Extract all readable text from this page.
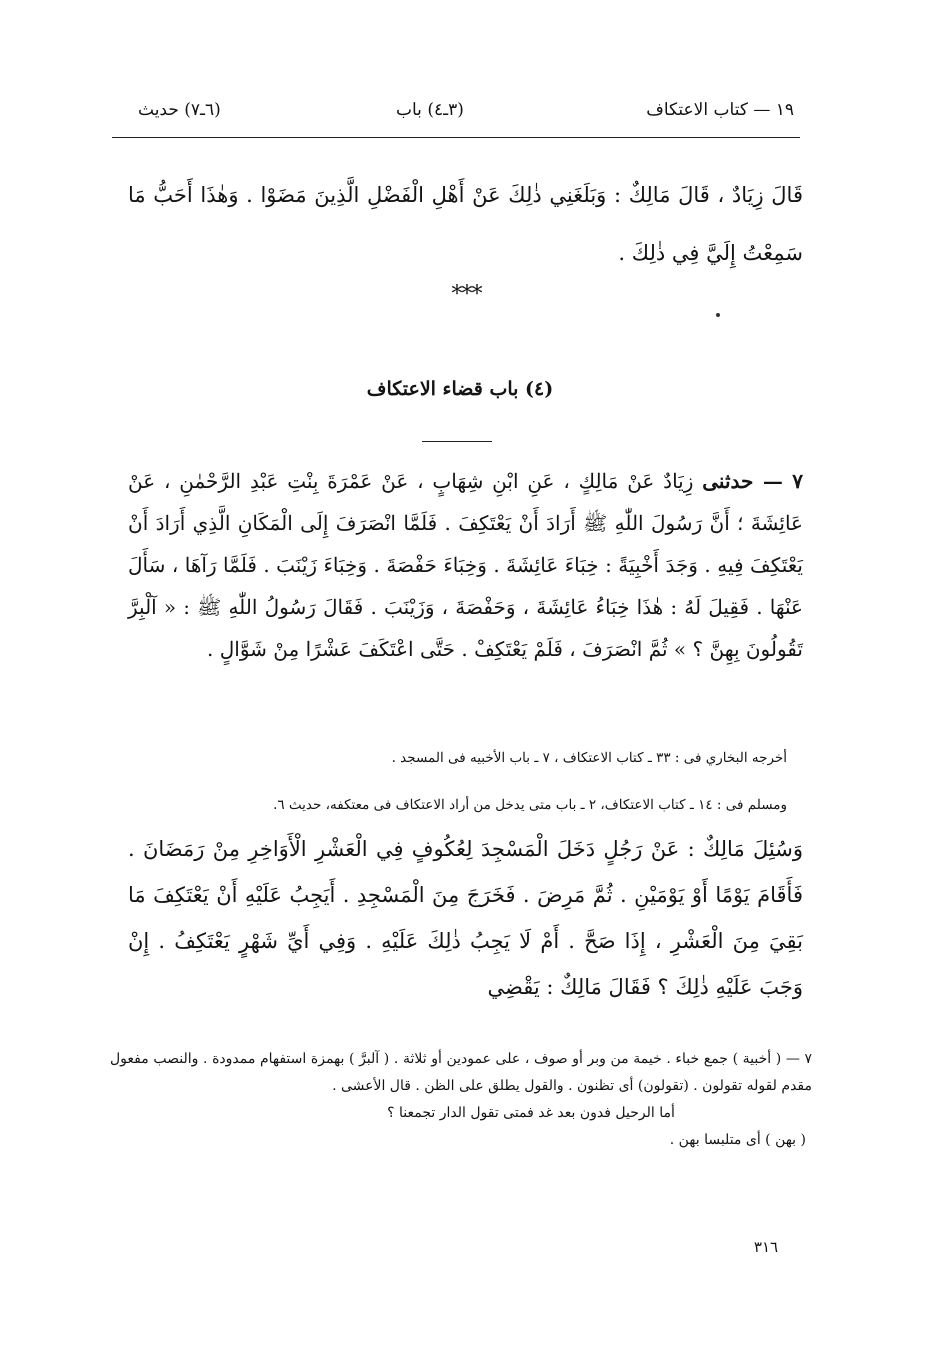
١٩ — كتاب الاعتكاف
(٣ـ٤) باب
(٦ـ٧) حديث

قَالَ زِيَادٌ ، قَالَ مَالِكٌ : وَبَلَغَنِي ذٰلِكَ عَنْ أَهْلِ الْفَضْلِ الَّذِينَ مَضَوْا . وَهٰذَا أَحَبُّ مَا سَمِعْتُ إِلَيَّ فِي ذٰلِكَ .

* * *
(٤) باب قضاء الاعتكاف

٧ — حدثنى زِيَادٌ عَنْ مَالِكٍ ، عَنِ ابْنِ شِهَابٍ ، عَنْ عَمْرَةَ بِنْتِ عَبْدِ الرَّحْمٰنِ ، عَنْ عَائِشَةَ ؛ أَنَّ رَسُولَ اللّٰهِ ﷺ أَرَادَ أَنْ يَعْتَكِفَ . فَلَمَّا انْصَرَفَ إِلَى الْمَكَانِ الَّذِي أَرَادَ أَنْ يَعْتَكِفَ فِيهِ . وَجَدَ أَخْبِيَةً : خِبَاءَ عَائِشَةَ . وَخِبَاءَ حَفْصَةَ . وَخِبَاءَ زَيْنَبَ . فَلَمَّا رَآهَا ، سَأَلَ عَنْهَا . فَقِيلَ لَهُ : هٰذَا خِبَاءُ عَائِشَةَ ، وَحَفْصَةَ ، وَزَيْنَبَ . فَقَالَ رَسُولُ اللّٰهِ ﷺ : « آلْبِرَّ تَقُولُونَ بِهِنَّ ؟ » ثُمَّ انْصَرَفَ ، فَلَمْ يَعْتَكِفْ . حَتَّى اعْتَكَفَ عَشْرًا مِنْ شَوَّالٍ .

أخرجه البخاري فى : ٣٣ ـ كتاب الاعتكاف ، ٧ ـ باب الأخبيه فى المسجد .
ومسلم فى : ١٤ ـ كتاب الاعتكاف، ٢ ـ باب متى يدخل من أراد الاعتكاف فى معتكفه، حديث ٦.

وَسُئِلَ مَالِكٌ : عَنْ رَجُلٍ دَخَلَ الْمَسْجِدَ لِعُكُوفٍ فِي الْعَشْرِ الْأَوَاخِرِ مِنْ رَمَضَانَ . فَأَقَامَ يَوْمًا أَوْ يَوْمَيْنِ . ثُمَّ مَرِضَ . فَخَرَجَ مِنَ الْمَسْجِدِ . أَيَجِبُ عَلَيْهِ أَنْ يَعْتَكِفَ مَا بَقِيَ مِنَ الْعَشْرِ ، إِذَا صَحَّ . أَمْ لَا يَجِبُ ذٰلِكَ عَلَيْهِ . وَفِي أَيِّ شَهْرٍ يَعْتَكِفُ . إِنْ وَجَبَ عَلَيْهِ ذٰلِكَ ؟ فَقَالَ مَالِكٌ : يَقْضِي

٧ — ( أخبية ) جمع خباء . خيمة من وبر أو صوف ، على عمودين أو ثلاثة . ( آلبرَّ ) بهمزة استفهام ممدودة . والنصب مفعول مقدم لقوله تقولون . (تقولون) أى تظنون . والقول يطلق على الظن . قال الأعشى .

أما الرحيل فدون بعد غد فمتى تقول الدار تجمعنا ؟

( بهن ) أى متلبسا بهن .

٣١٦
